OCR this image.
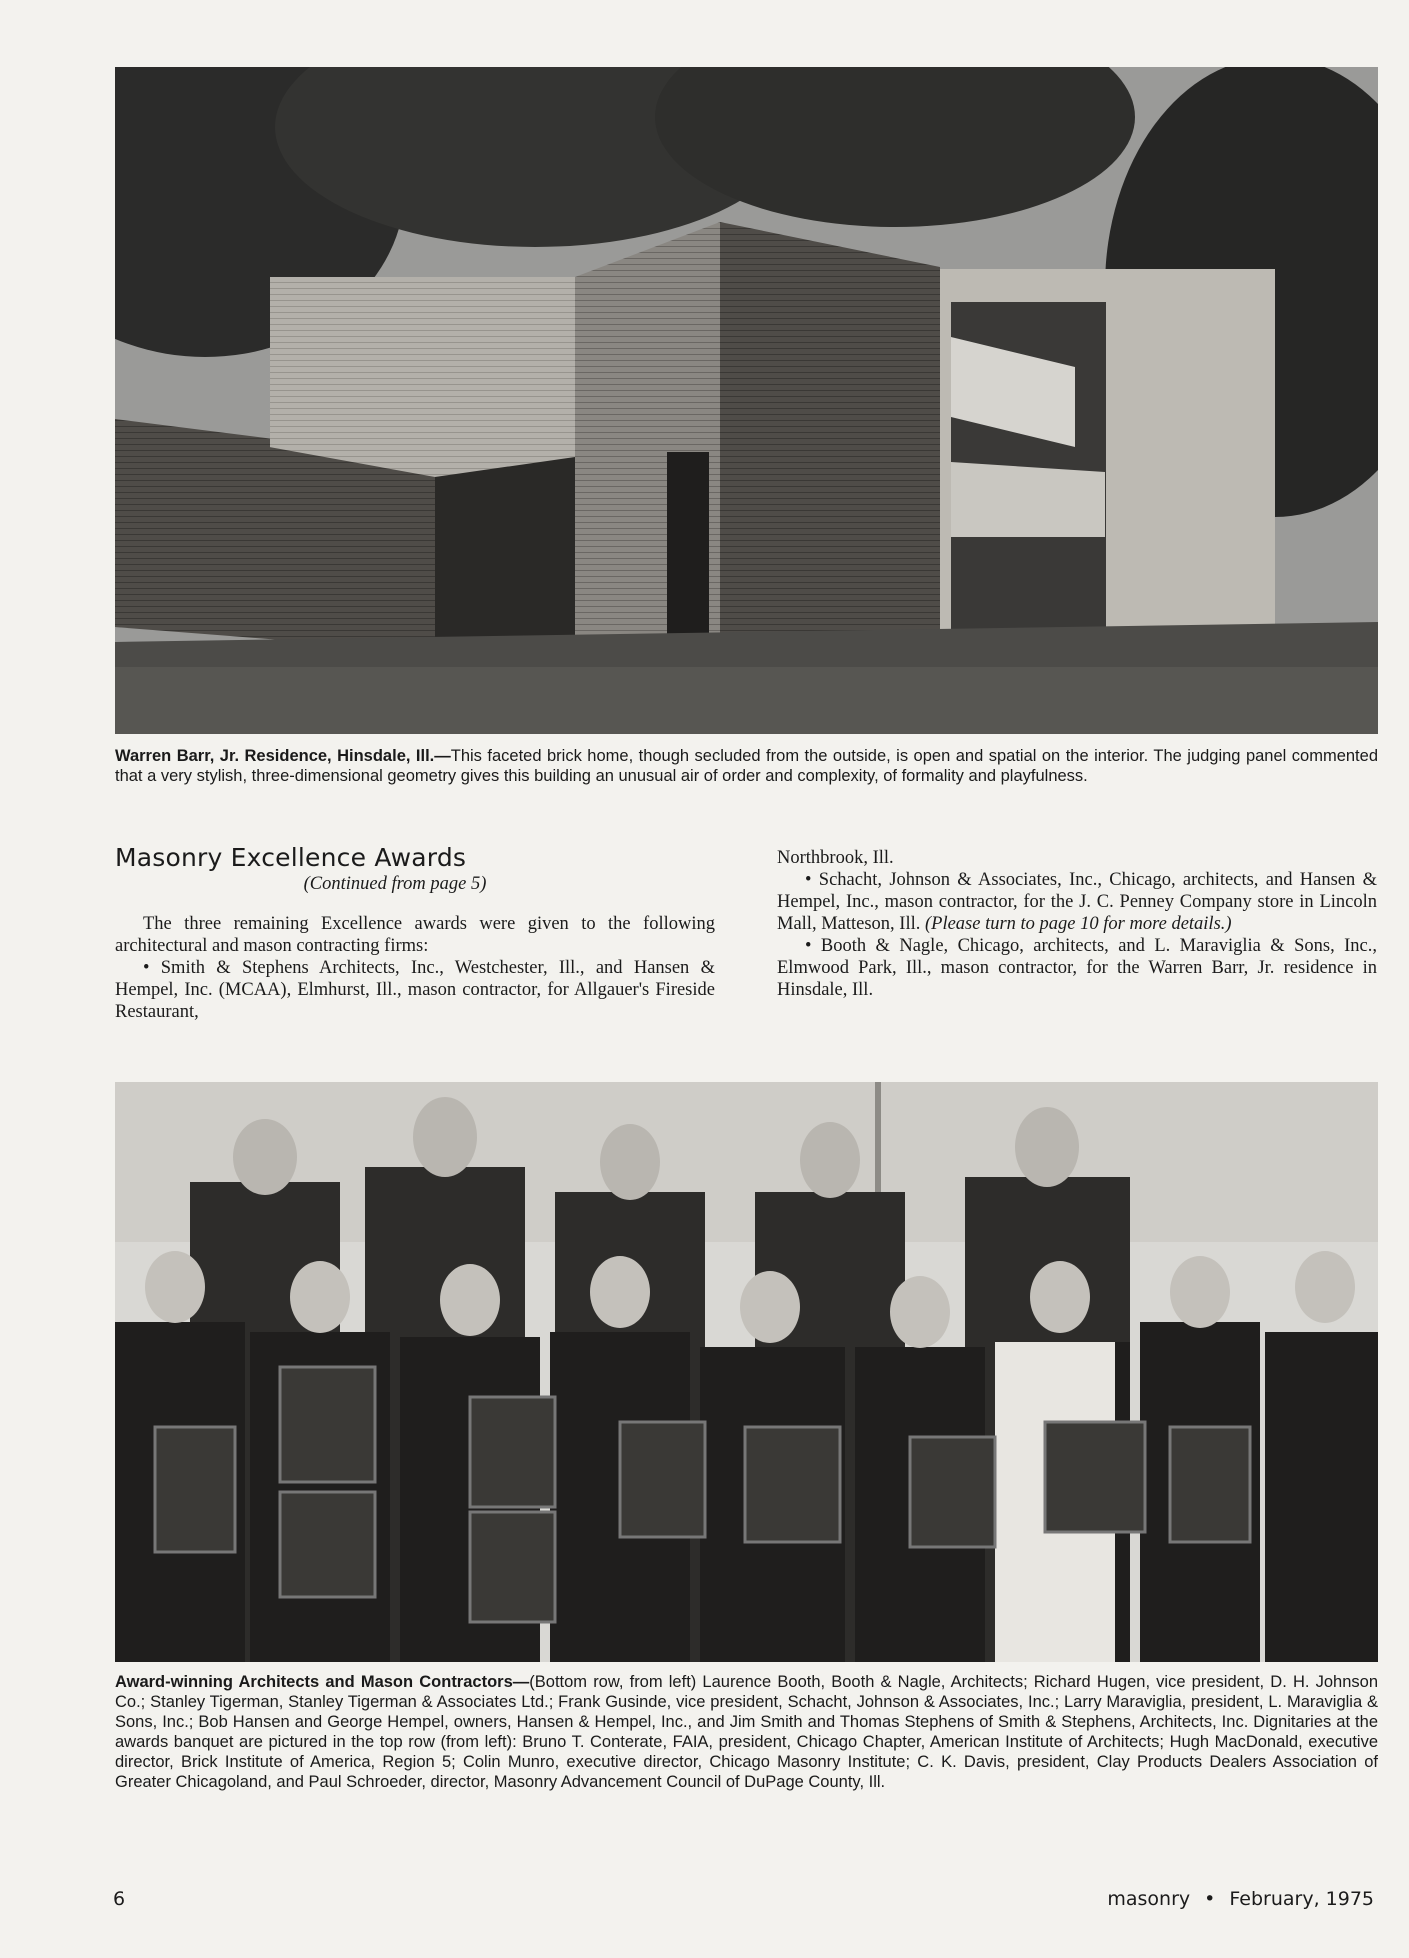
Warren Barr, Jr. Residence, Hinsdale, Ill.—This faceted brick home, though secluded from the outside, is open and spatial on the interior. The judging panel commented that a very stylish, three-dimensional geometry gives this building an unusual air of order and complexity, of formality and playfulness.

Masonry Excellence Awards
(Continued from page 5)

The three remaining Excellence awards were given to the following architectural and mason contracting firms:

• Smith & Stephens Architects, Inc., Westchester, Ill., and Hansen & Hempel, Inc. (MCAA), Elmhurst, Ill., mason contractor, for Allgauer's Fireside Restaurant,

Northbrook, Ill.

• Schacht, Johnson & Associates, Inc., Chicago, architects, and Hansen & Hempel, Inc., mason contractor, for the J. C. Penney Company store in Lincoln Mall, Matteson, Ill. (Please turn to page 10 for more details.)

• Booth & Nagle, Chicago, architects, and L. Maraviglia & Sons, Inc., Elmwood Park, Ill., mason contractor, for the Warren Barr, Jr. residence in Hinsdale, Ill.

Award-winning Architects and Mason Contractors—(Bottom row, from left) Laurence Booth, Booth & Nagle, Architects; Richard Hugen, vice president, D. H. Johnson Co.; Stanley Tigerman, Stanley Tigerman & Associates Ltd.; Frank Gusinde, vice president, Schacht, Johnson & Associates, Inc.; Larry Maraviglia, president, L. Maraviglia & Sons, Inc.; Bob Hansen and George Hempel, owners, Hansen & Hempel, Inc., and Jim Smith and Thomas Stephens of Smith & Stephens, Architects, Inc. Dignitaries at the awards banquet are pictured in the top row (from left): Bruno T. Conterate, FAIA, president, Chicago Chapter, American Institute of Architects; Hugh MacDonald, executive director, Brick Institute of America, Region 5; Colin Munro, executive director, Chicago Masonry Institute; C. K. Davis, president, Clay Products Dealers Association of Greater Chicagoland, and Paul Schroeder, director, Masonry Advancement Council of DuPage County, Ill.

6	masonry • February, 1975
